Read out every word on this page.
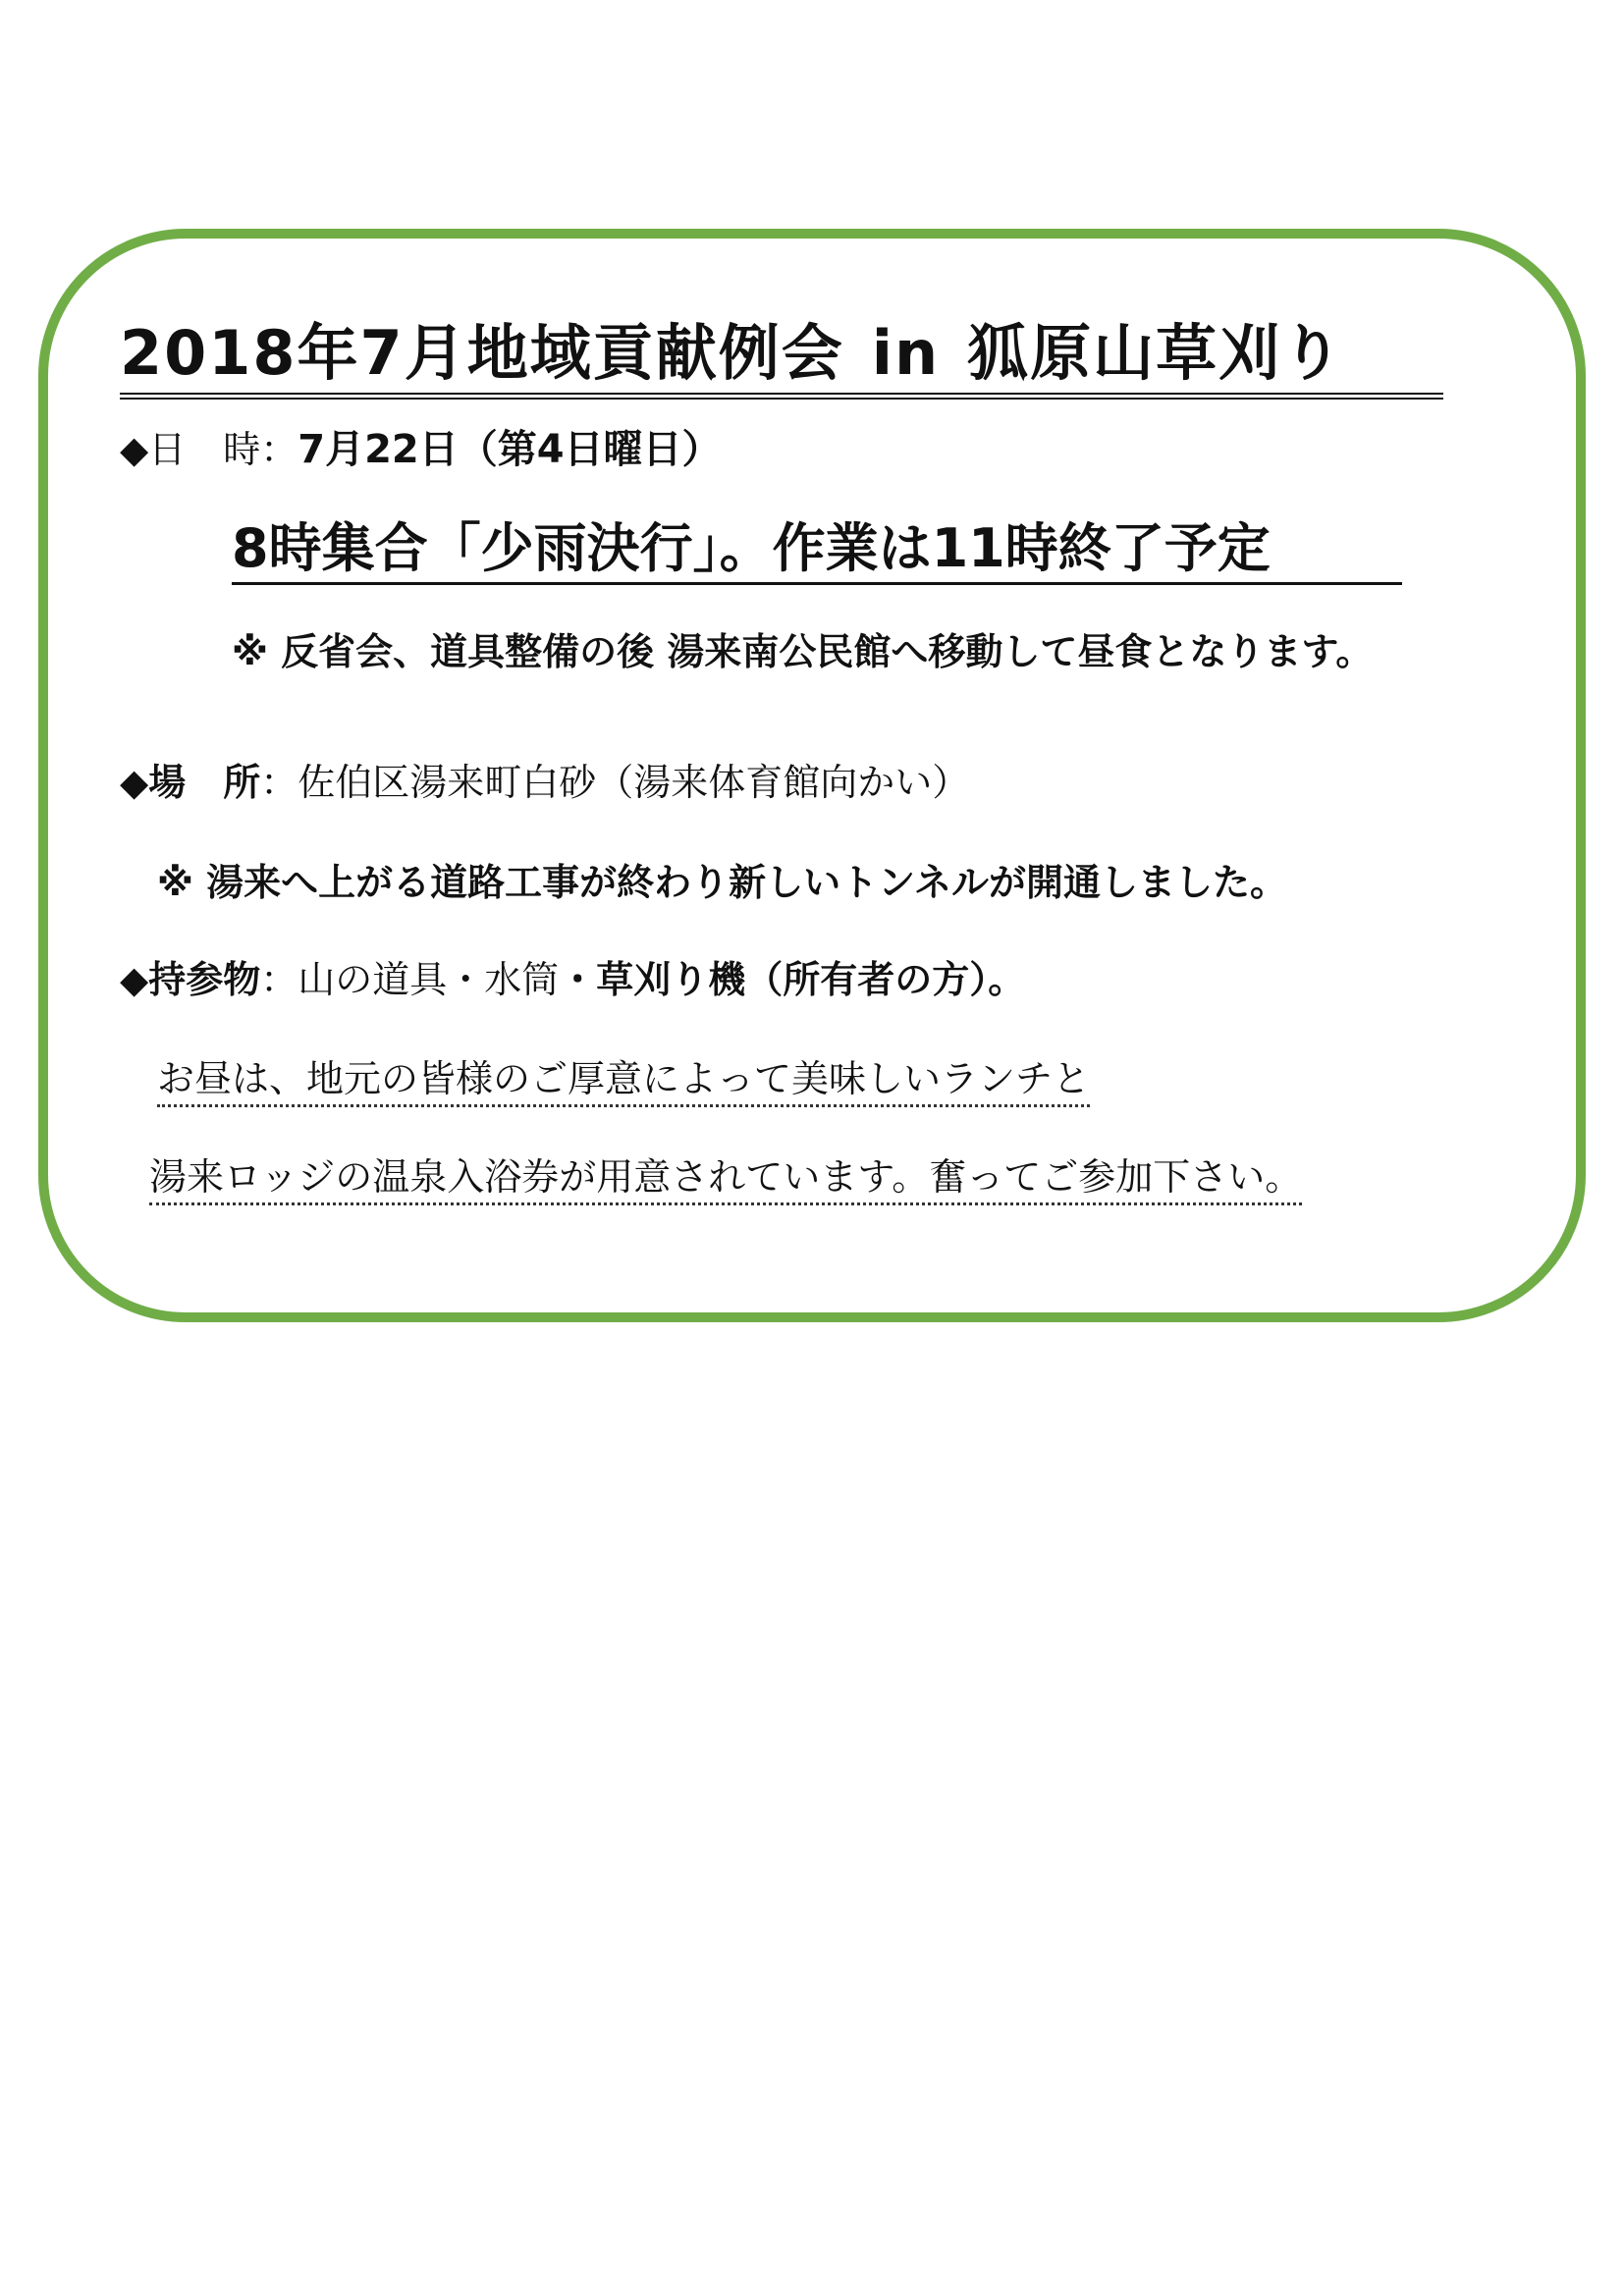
2018年7月地域貢献例会 in 狐原山草刈り
◆日　時：7月22日（第4日曜日）
8時集合「少雨決行」。作業は11時終了予定
※ 反省会、道具整備の後 湯来南公民館へ移動して昼食となります。
◆場　所：佐伯区湯来町白砂（湯来体育館向かい）
※ 湯来へ上がる道路工事が終わり新しいトンネルが開通しました。
◆持参物：山の道具・水筒・草刈り機（所有者の方）。
お昼は、地元の皆様のご厚意によって美味しいランチと
湯来ロッジの温泉入浴券が用意されています。奮ってご参加下さい。
